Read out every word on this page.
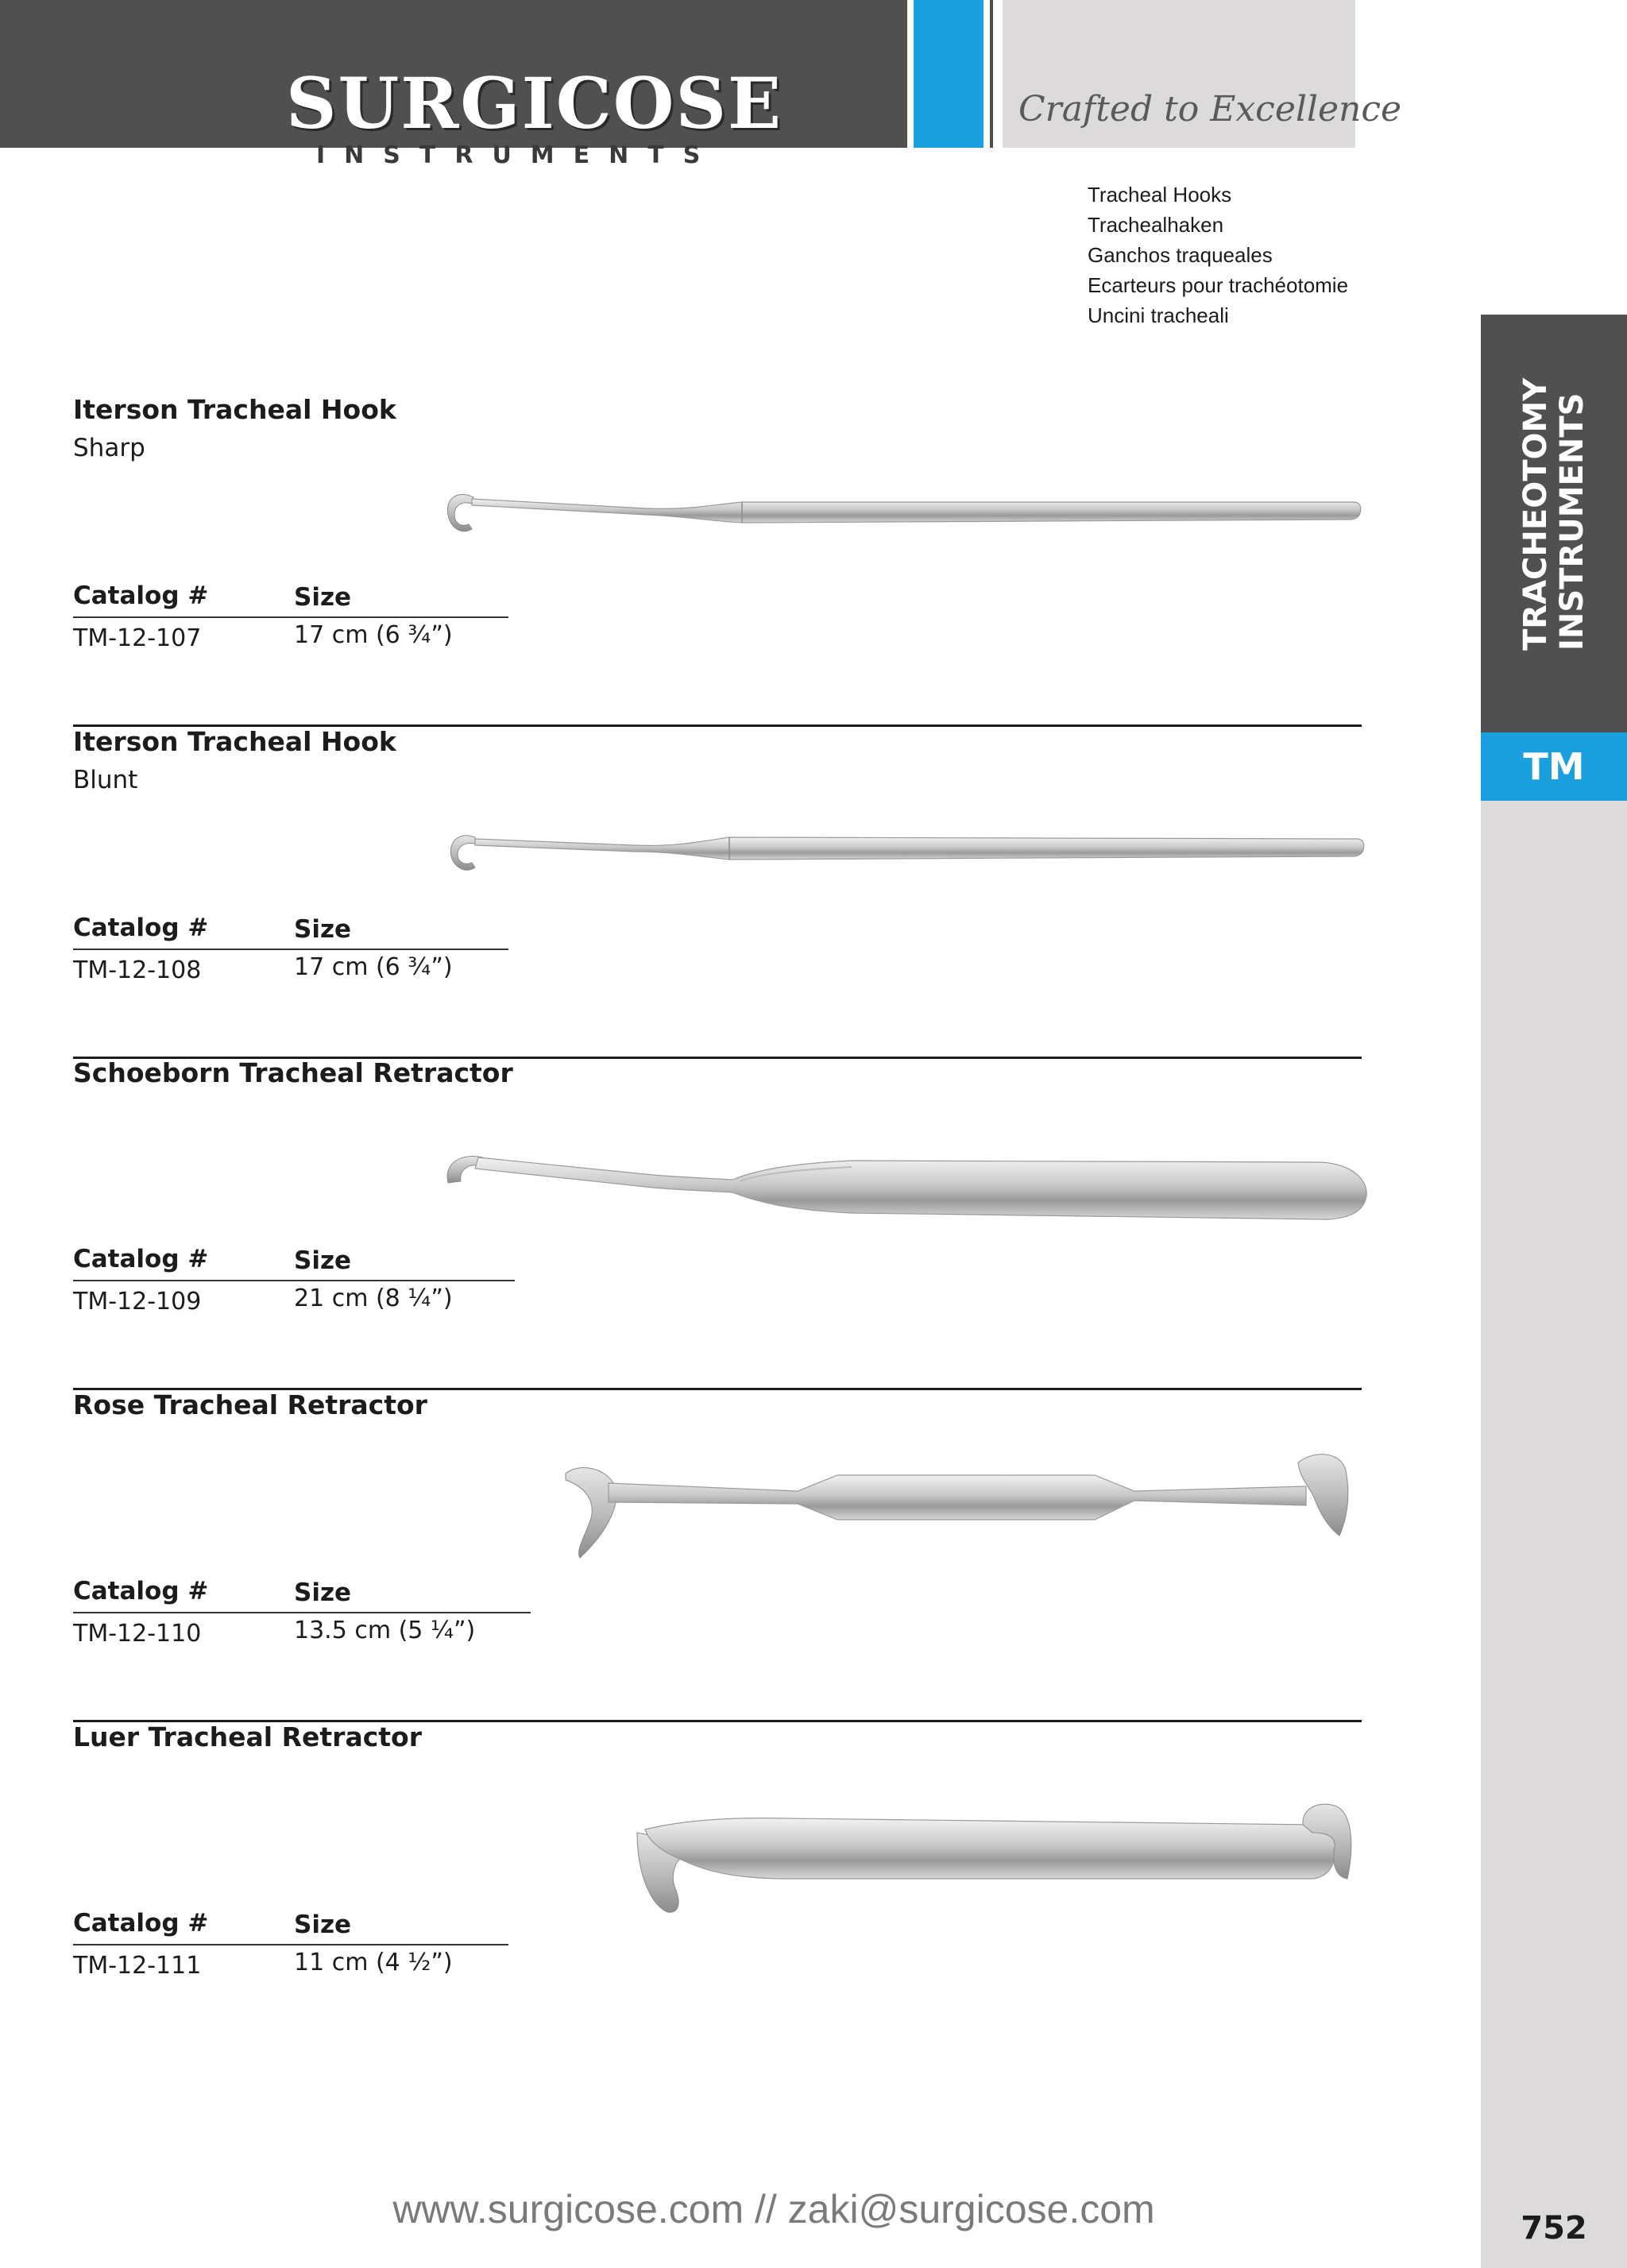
SURGICOSE
INSTRUMENTS
Crafted to Excellence
Tracheal Hooks
Trachealhaken
Ganchos traqueales
Ecarteurs pour trachéotomie
Uncini tracheali
TRACHEOTOMY
INSTRUMENTS
TM
752
Iterson Tracheal Hook
Sharp
Catalog #	Size
TM-12-107	17 cm (6 ¾”)
Iterson Tracheal Hook
Blunt
Catalog #	Size
TM-12-108	17 cm (6 ¾”)
Schoeborn Tracheal Retractor
Catalog #	Size
TM-12-109	21 cm (8 ¼”)
Rose Tracheal Retractor
Catalog #	Size
TM-12-110	13.5 cm (5 ¼”)
Luer Tracheal Retractor
Catalog #	Size
TM-12-111	11 cm (4 ½”)
www.surgicose.com // zaki@surgicose.com
